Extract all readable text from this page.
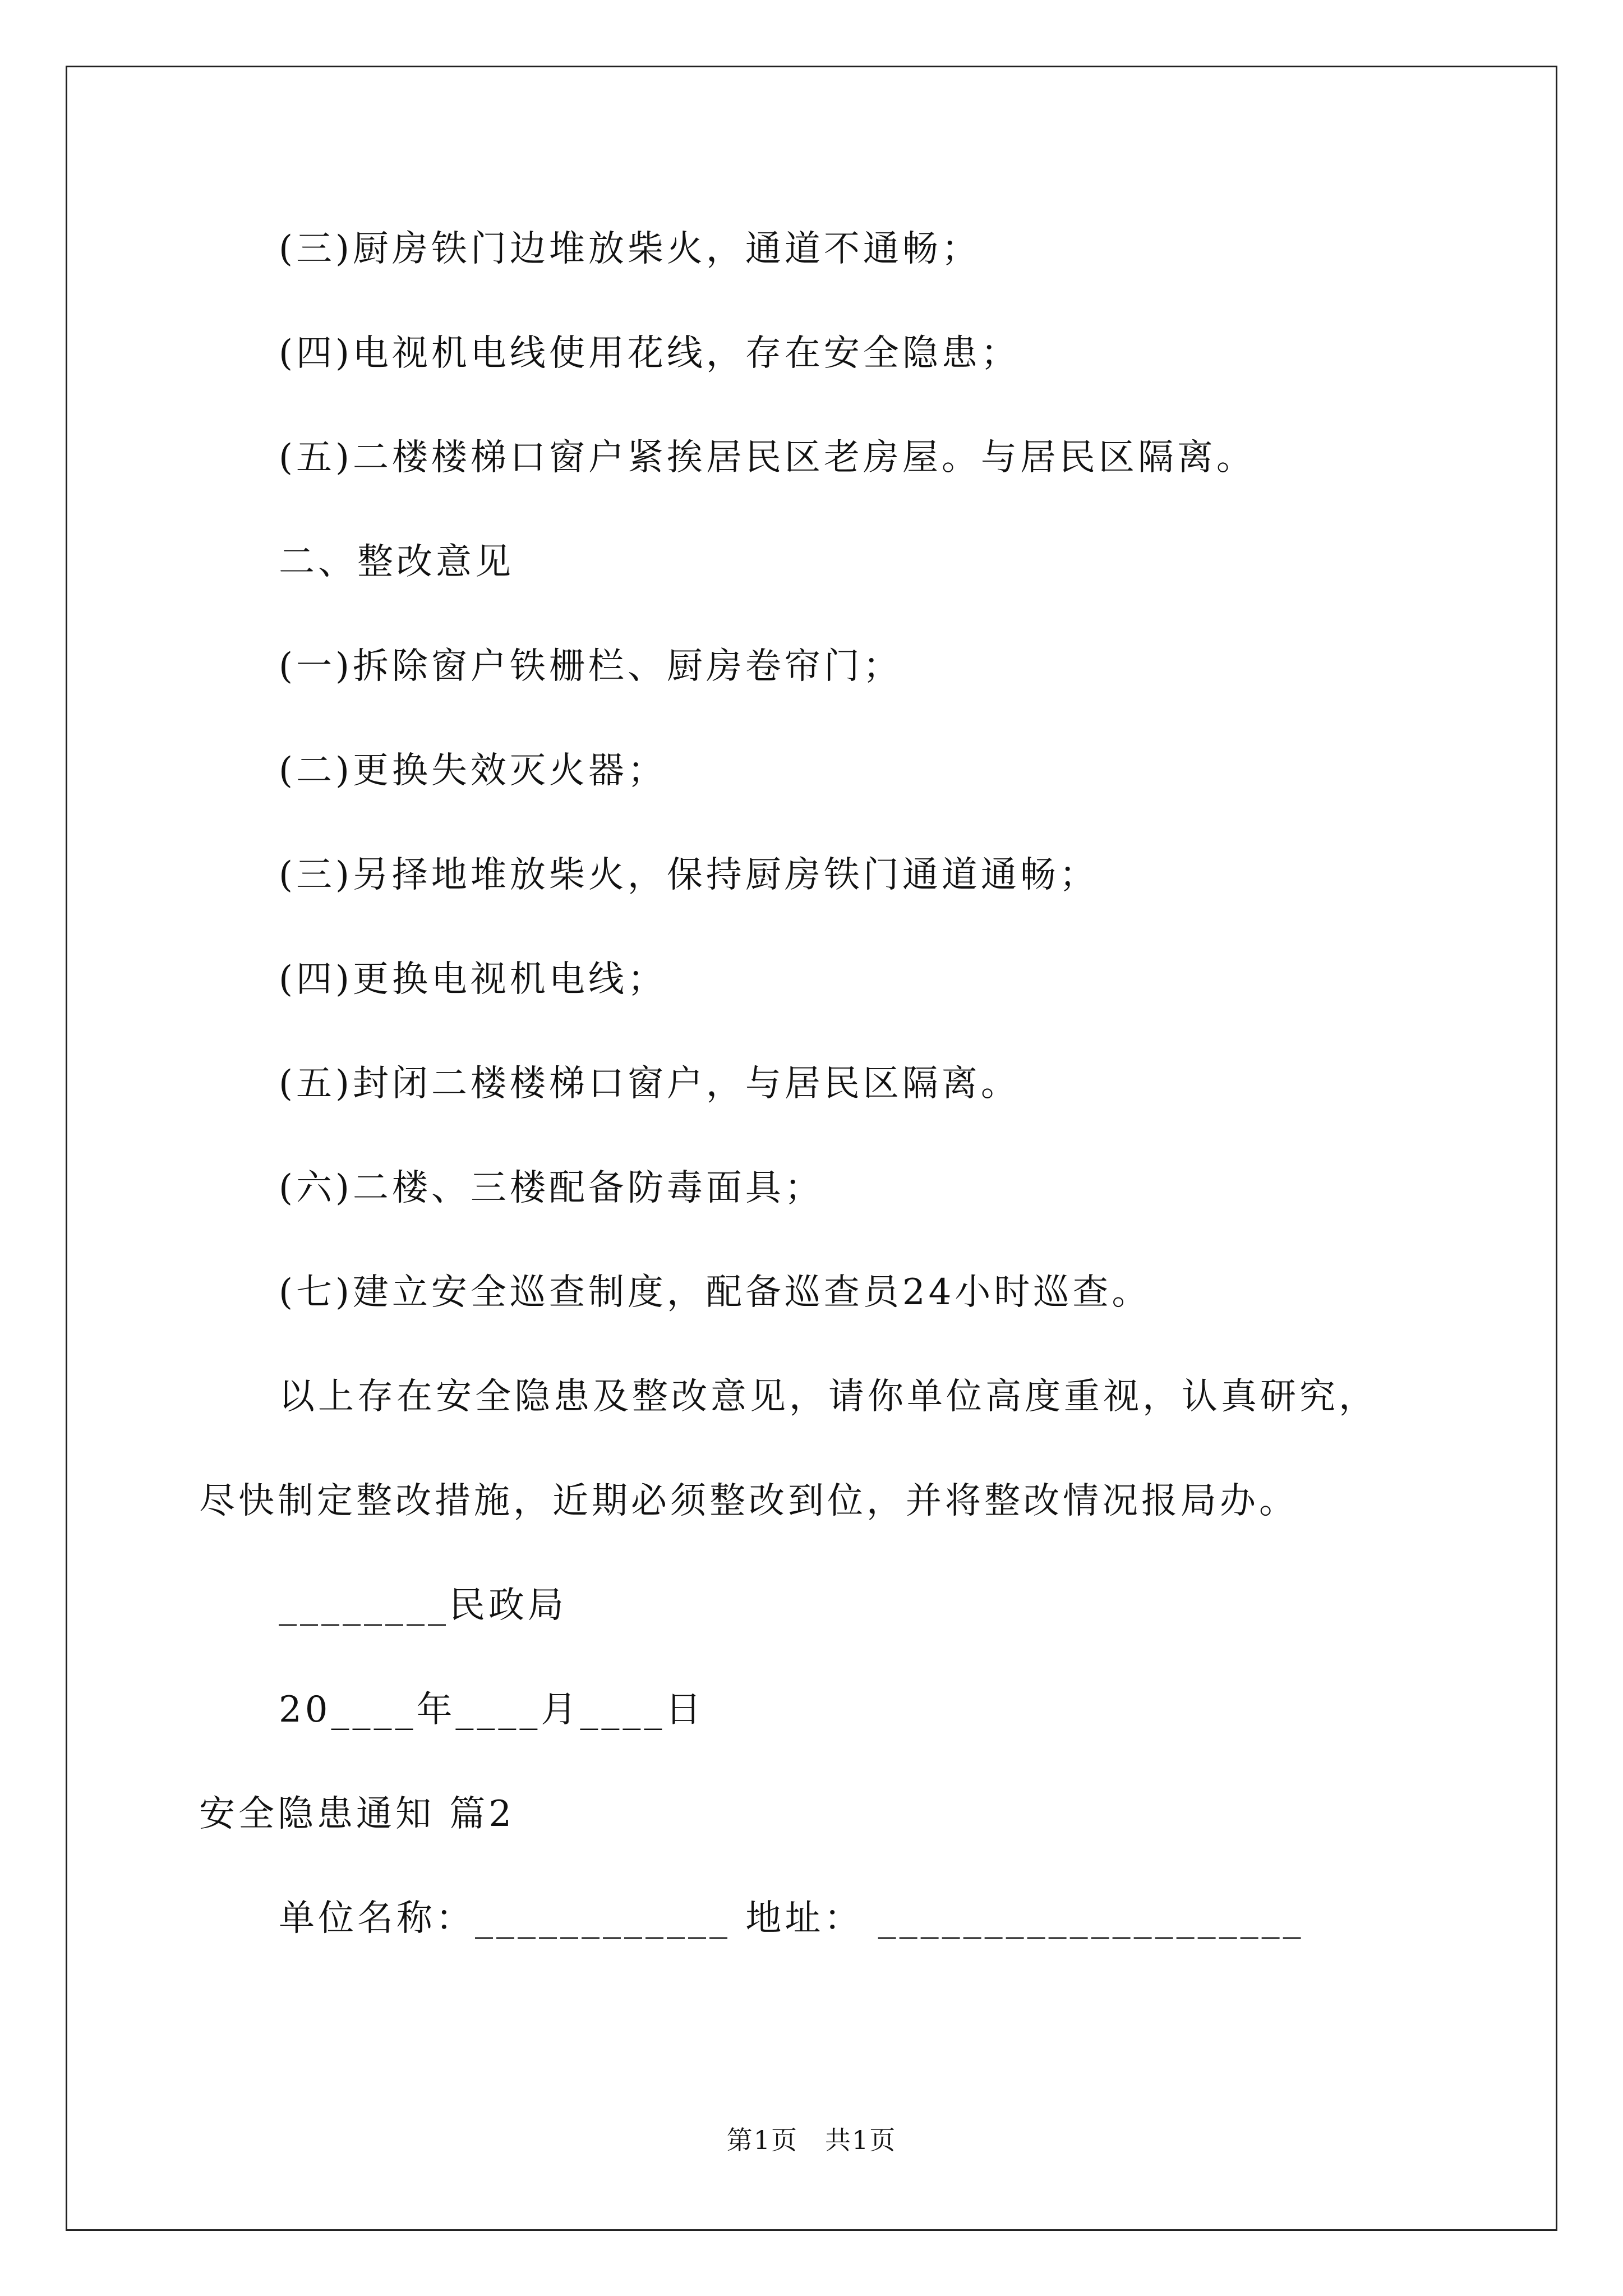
(三)厨房铁门边堆放柴火，通道不通畅；
(四)电视机电线使用花线，存在安全隐患；
(五)二楼楼梯口窗户紧挨居民区老房屋。与居民区隔离。
二、整改意见
(一)拆除窗户铁栅栏、厨房卷帘门；
(二)更换失效灭火器；
(三)另择地堆放柴火，保持厨房铁门通道通畅；
(四)更换电视机电线；
(五)封闭二楼楼梯口窗户，与居民区隔离。
(六)二楼、三楼配备防毒面具；
(七)建立安全巡查制度，配备巡查员24小时巡查。
以上存在安全隐患及整改意见，请你单位高度重视，认真研究，
尽快制定整改措施，近期必须整改到位，并将整改情况报局办。
________民政局
20____年____月____日
安全隐患通知 篇2
单位名称：____________ 地址： ____________________
第1页　共1页
